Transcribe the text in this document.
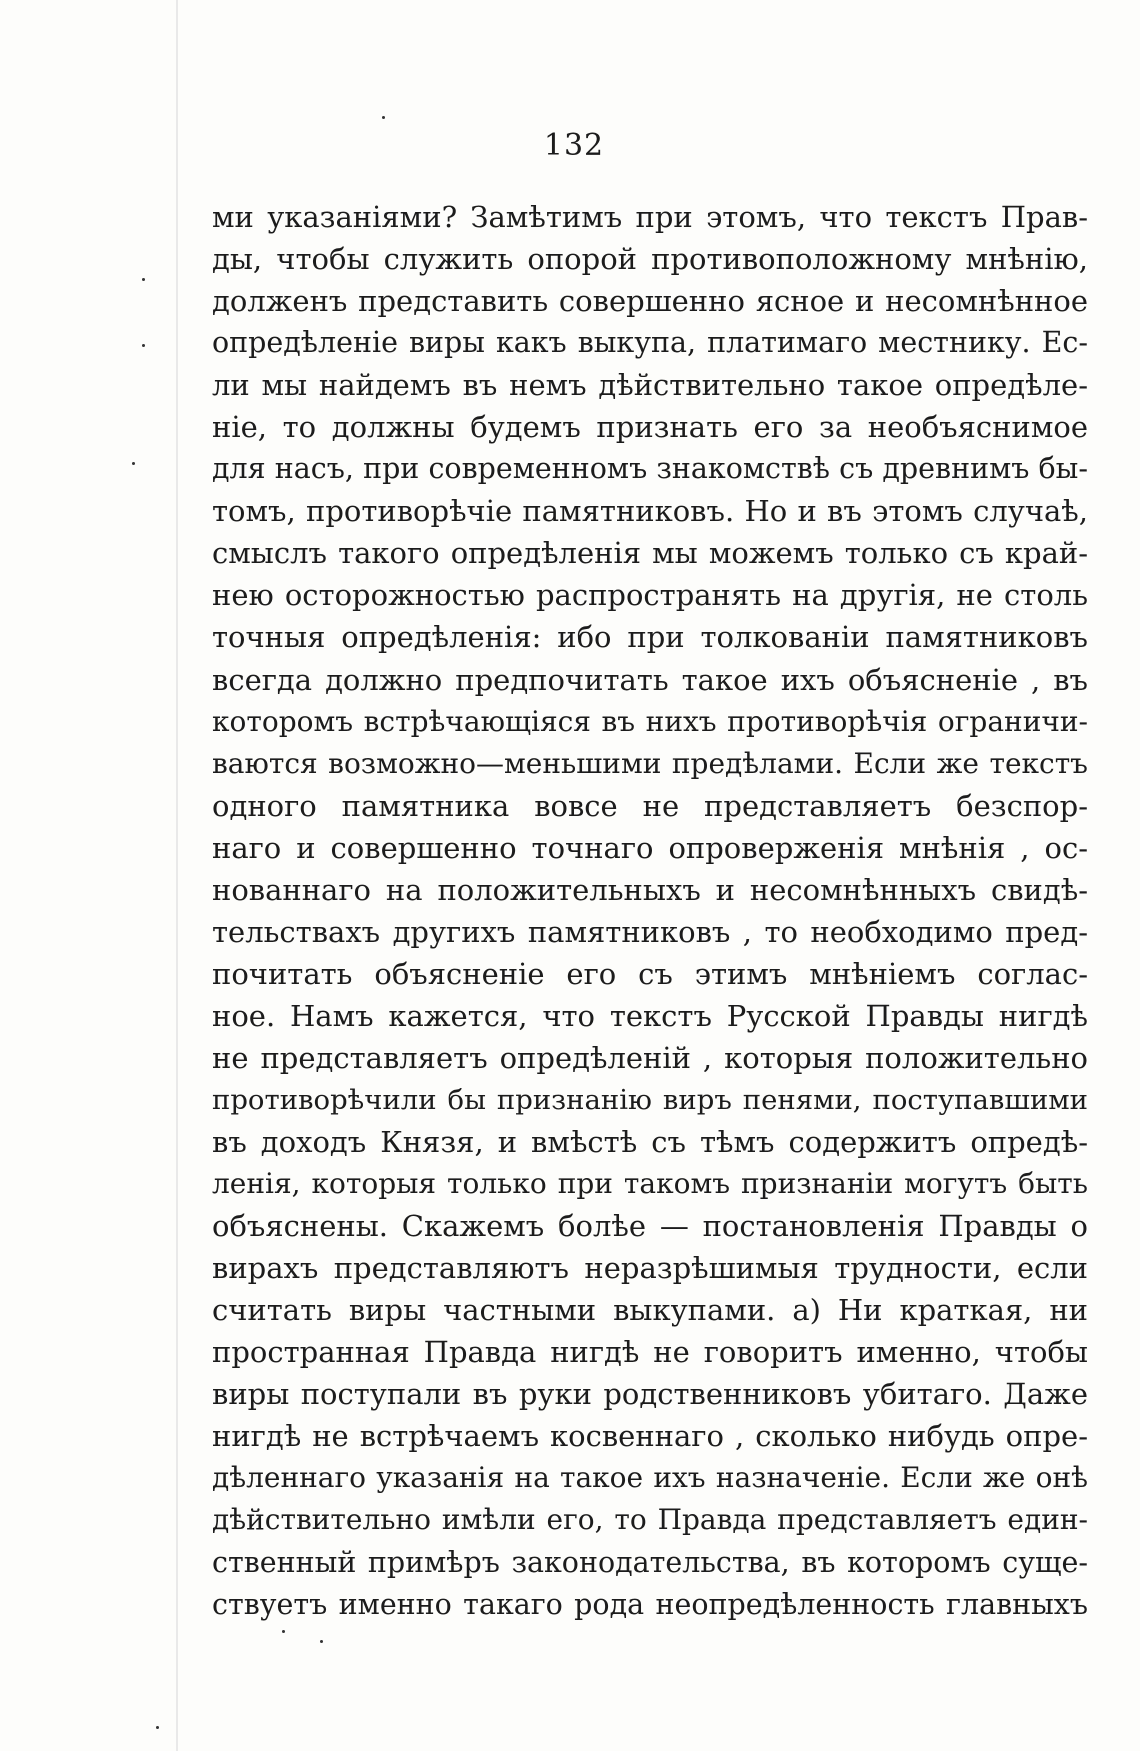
132
ми указаніями? Замѣтимъ при этомъ, что текстъ Прав-
ды, чтобы служить опорой противоположному мнѣнію,
долженъ представить совершенно ясное и несомнѣнное
опредѣленіе виры какъ выкупа, платимаго местнику. Ес-
ли мы найдемъ въ немъ дѣйствительно такое опредѣле-
ніе, то должны будемъ признать его за необъяснимое
для насъ, при современномъ знакомствѣ съ древнимъ бы-
томъ, противорѣчіе памятниковъ. Но и въ этомъ случаѣ,
смыслъ такого опредѣленія мы можемъ только съ край-
нею осторожностью распространять на другія, не столь
точныя опредѣленія: ибо при толкованіи памятниковъ
всегда должно предпочитать такое ихъ объясненіе , въ
которомъ встрѣчающіяся въ нихъ противорѣчія ограничи-
ваются возможно—меньшими предѣлами. Если же текстъ
одного памятника вовсе не представляетъ безспор-
наго и совершенно точнаго опроверженія мнѣнія , ос-
нованнаго на положительныхъ и несомнѣнныхъ свидѣ-
тельствахъ другихъ памятниковъ , то необходимо пред-
почитать объясненіе его съ этимъ мнѣніемъ соглас-
ное. Намъ кажется, что текстъ Русской Правды нигдѣ
не представляетъ опредѣленій , которыя положительно
противорѣчили бы признанію виръ пенями, поступавшими
въ доходъ Князя, и вмѣстѣ съ тѣмъ содержитъ опредѣ-
ленія, которыя только при такомъ признаніи могутъ быть
объяснены. Скажемъ болѣе — постановленія Правды о
вирахъ представляютъ неразрѣшимыя трудности, если
считать виры частными выкупами. а) Ни краткая, ни
пространная Правда нигдѣ не говоритъ именно, чтобы
виры поступали въ руки родственниковъ убитаго. Даже
нигдѣ не встрѣчаемъ косвеннаго , сколько нибудь опре-
дѣленнаго указанія на такое ихъ назначеніе. Если же онѣ
дѣйствительно имѣли его, то Правда представляетъ един-
ственный примѣръ законодательства, въ которомъ суще-
ствуетъ именно такаго рода неопредѣленность главныхъ
